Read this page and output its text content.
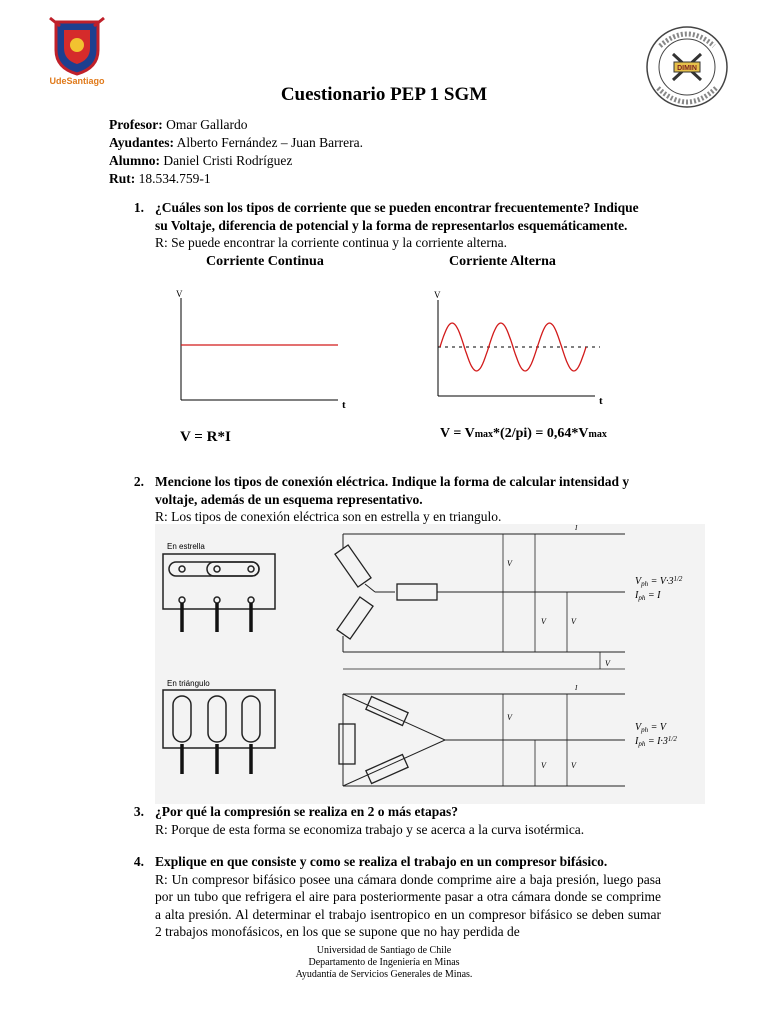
UdeSantiago
DIMIN
Cuestionario PEP 1 SGM
Profesor: Omar Gallardo
Ayudantes: Alberto Fernández – Juan Barrera.
Alumno: Daniel Cristi Rodríguez
Rut: 18.534.759-1
1. ¿Cuáles son los tipos de corriente que se pueden encontrar frecuentemente? Indique
su Voltaje, diferencia de potencial y la forma de representarlos esquemáticamente.
R: Se puede encontrar la corriente continua y la corriente alterna.
Corriente Continua
V
t
V = R*I
Corriente Alterna
V
t
V = Vmax*(2/pi) = 0,64*Vmax
2. Mencione los tipos de conexión eléctrica. Indique la forma de calcular intensidad y
voltaje, además de un esquema representativo.
R: Los tipos de conexión eléctrica son en estrella y en triangulo.
En estrella
En triángulo
I
V
V	V
V
$V_{ph} = V\cdot 3^{1/2}$
$I_{ph} = I$
I
V
V	V
$V_{ph} = V$
$I_{ph} = I\cdot 3^{1/2}$
3. ¿Por qué la compresión se realiza en 2 o más etapas?
R: Porque de esta forma se economiza trabajo y se acerca a la curva isotérmica.
4. Explique en que consiste y como se realiza el trabajo en un compresor bifásico.
R: Un compresor bifásico posee una cámara donde comprime aire a baja presión, luego pasa por un tubo que refrigera el aire para posteriormente pasar a otra cámara donde se comprime a alta presión. Al determinar el trabajo isentropico en un compresor bifásico se deben sumar 2 trabajos monofásicos, en los que se supone que no hay perdida de
Universidad de Santiago de Chile
Departamento de Ingeniería en Minas
Ayudantía de Servicios Generales de Minas.
